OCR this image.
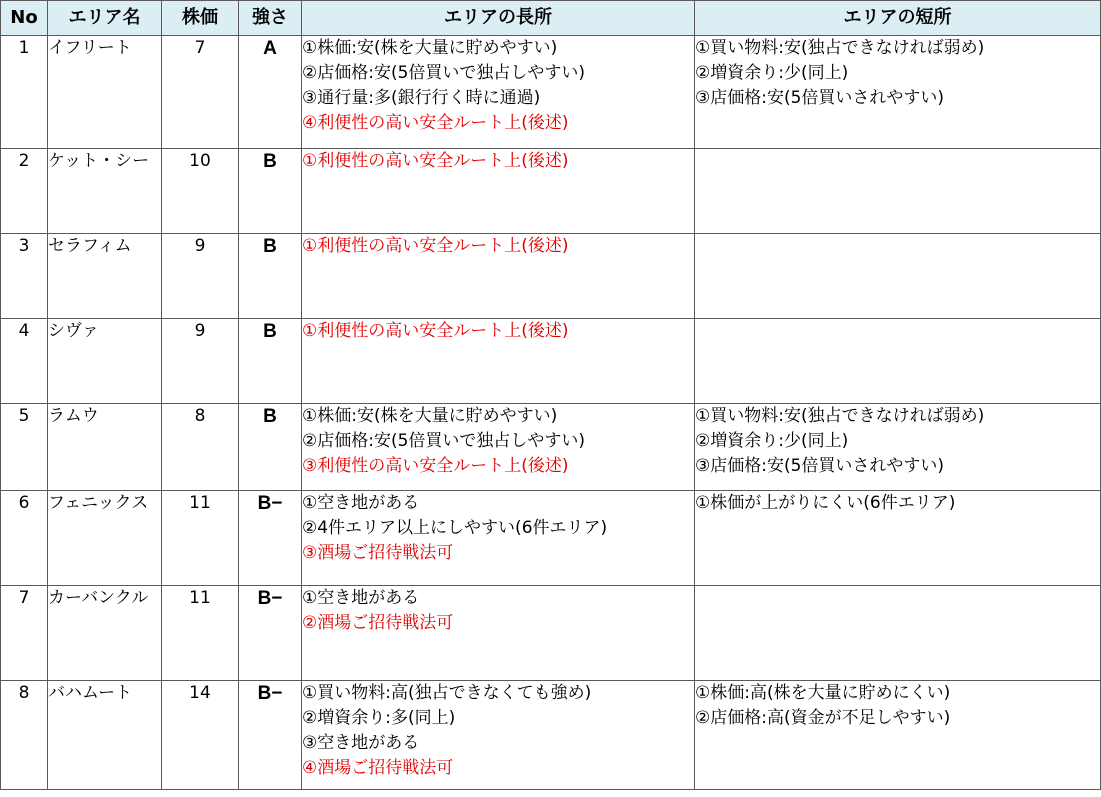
No	エリア名	株価	強さ	エリアの長所	エリアの短所
1	イフリート	7	A	①株価:安(株を大量に貯めやすい)
②店価格:安(5倍買いで独占しやすい)
③通行量:多(銀行行く時に通過)
④利便性の高い安全ルート上(後述)	①買い物料:安(独占できなければ弱め)
②増資余り:少(同上)
③店価格:安(5倍買いされやすい)

2	ケット・シー	10	B	①利便性の高い安全ルート上(後述)	

3	セラフィム	9	B	①利便性の高い安全ルート上(後述)	

4	シヴァ	9	B	①利便性の高い安全ルート上(後述)	

5	ラムウ	8	B	①株価:安(株を大量に貯めやすい)
②店価格:安(5倍買いで独占しやすい)
③利便性の高い安全ルート上(後述)	①買い物料:安(独占できなければ弱め)
②増資余り:少(同上)
③店価格:安(5倍買いされやすい)

6	フェニックス	11	B−	①空き地がある
②4件エリア以上にしやすい(6件エリア)
③酒場ご招待戦法可	①株価が上がりにくい(6件エリア)

7	カーバンクル	11	B−	①空き地がある
②酒場ご招待戦法可	

8	バハムート	14	B−	①買い物料:高(独占できなくても強め)
②増資余り:多(同上)
③空き地がある
④酒場ご招待戦法可	①株価:高(株を大量に貯めにくい)
②店価格:高(資金が不足しやすい)
